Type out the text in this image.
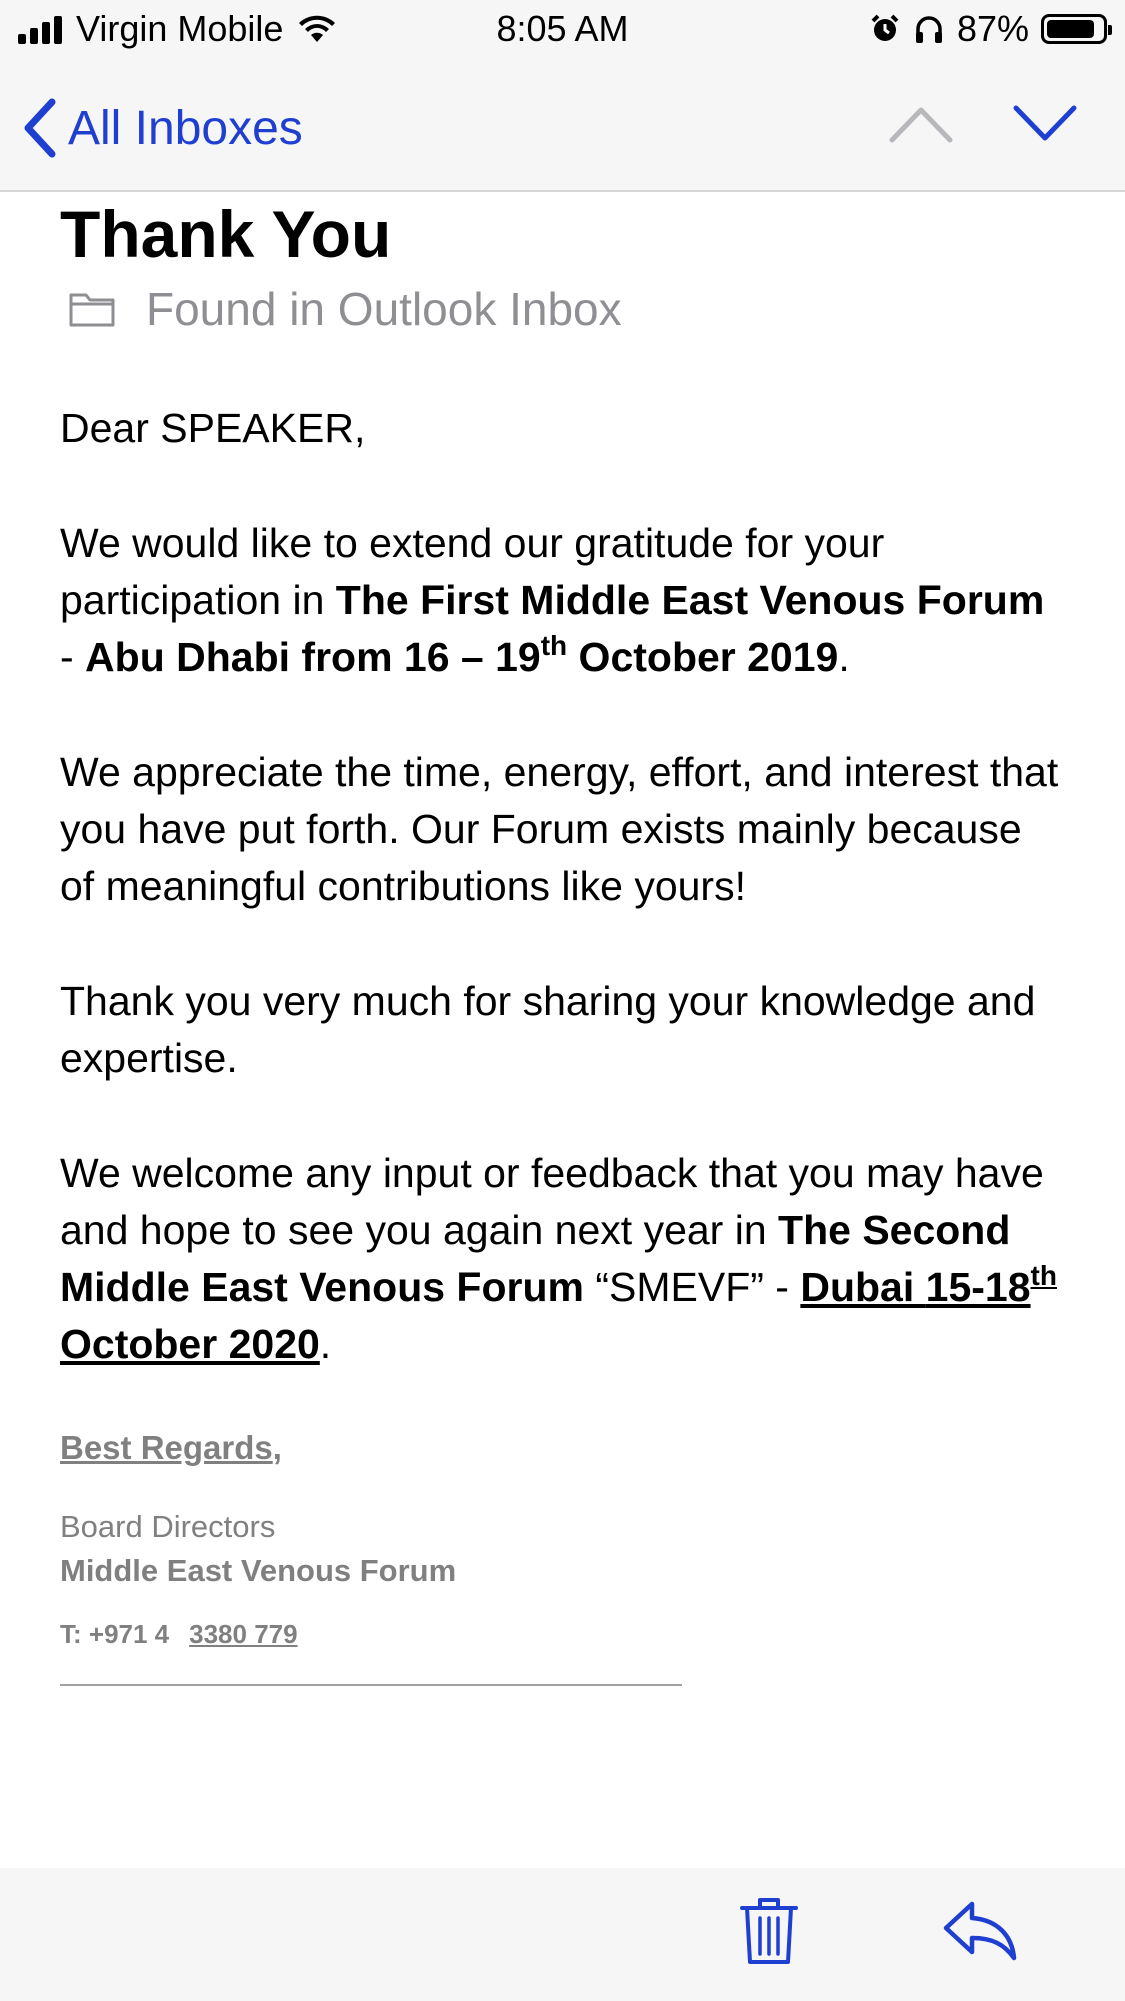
Virgin Mobile	8:05 AM	87%
All Inboxes
Thank You
Found in Outlook Inbox

Dear SPEAKER,

We would like to extend our gratitude for your participation in The First Middle East Venous Forum - Abu Dhabi from 16 – 19th October 2019.

We appreciate the time, energy, effort, and interest that you have put forth. Our Forum exists mainly because of meaningful contributions like yours!

Thank you very much for sharing your knowledge and expertise.

We welcome any input or feedback that you may have and hope to see you again next year in The Second Middle East Venous Forum “SMEVF” - Dubai 15-18th October 2020.

Best Regards,
Board Directors
Middle East Venous Forum
T: +971 4 3380 779
